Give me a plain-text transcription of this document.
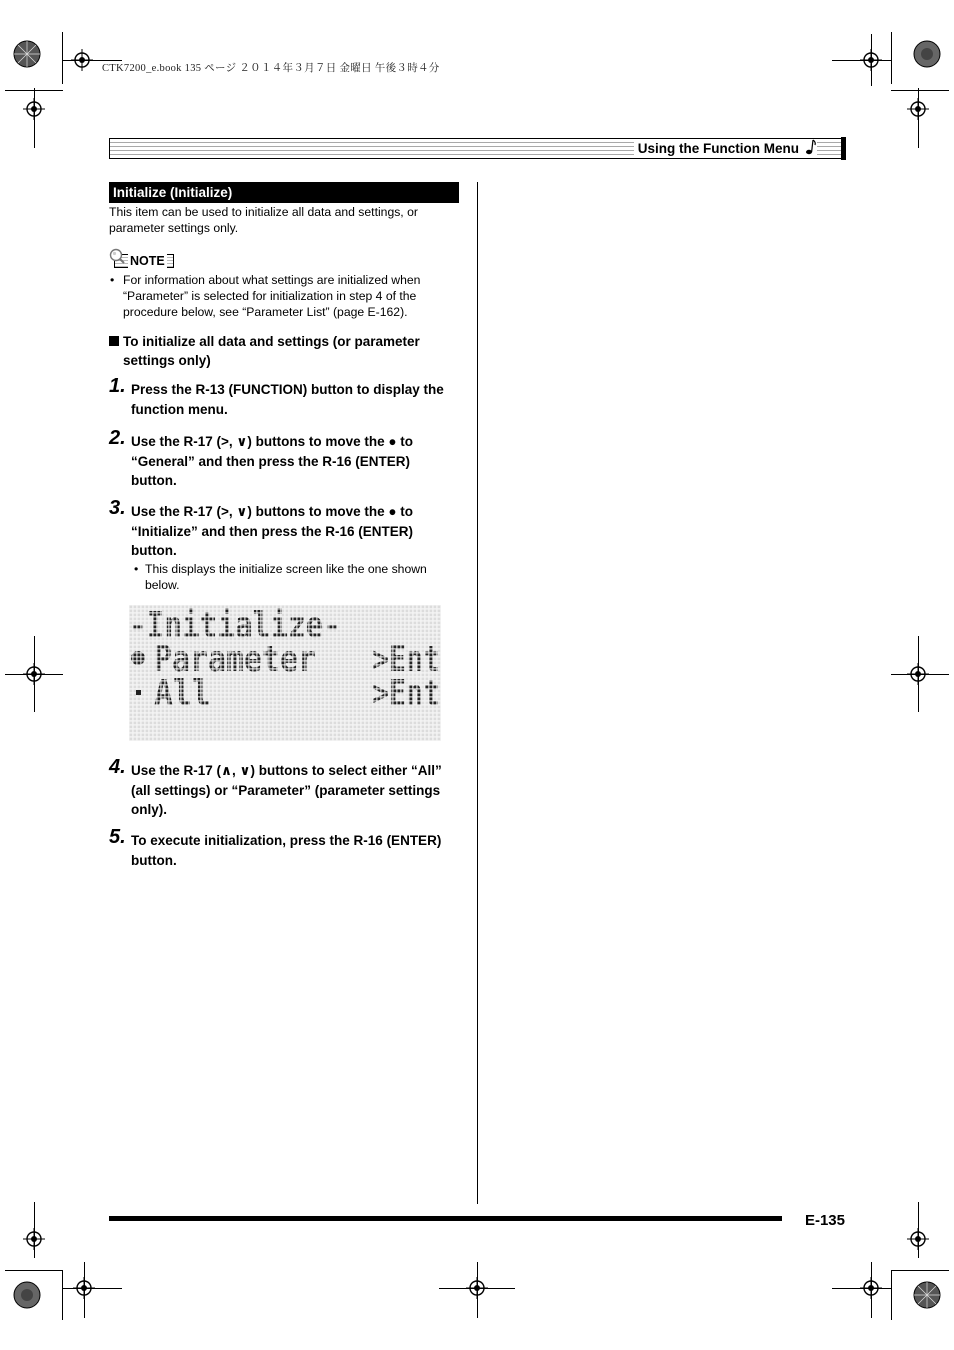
CTK7200_e.book 135 ページ ２０１４年３月７日 金曜日 午後３時４分
Using the Function Menu
Initialize (Initialize)
This item can be used to initialize all data and settings, or parameter settings only.
NOTE
• For information about what settings are initialized when “Parameter” is selected for initialization in step 4 of the procedure below, see “Parameter List” (page E-162).
To initialize all data and settings (or parameter settings only)
1. Press the R-13 (FUNCTION) button to display the function menu.
2. Use the R-17 (>, ∨) buttons to move the ● to “General” and then press the R-16 (ENTER) button.
3. Use the R-17 (>, ∨) buttons to move the ● to “Initialize” and then press the R-16 (ENTER) button.
• This displays the initialize screen like the one shown below.
-Initialize-
Parameter >Ent
All	>Ent
4. Use the R-17 (∧, ∨) buttons to select either “All” (all settings) or “Parameter” (parameter settings only).
5. To execute initialization, press the R-16 (ENTER) button.
E-135
